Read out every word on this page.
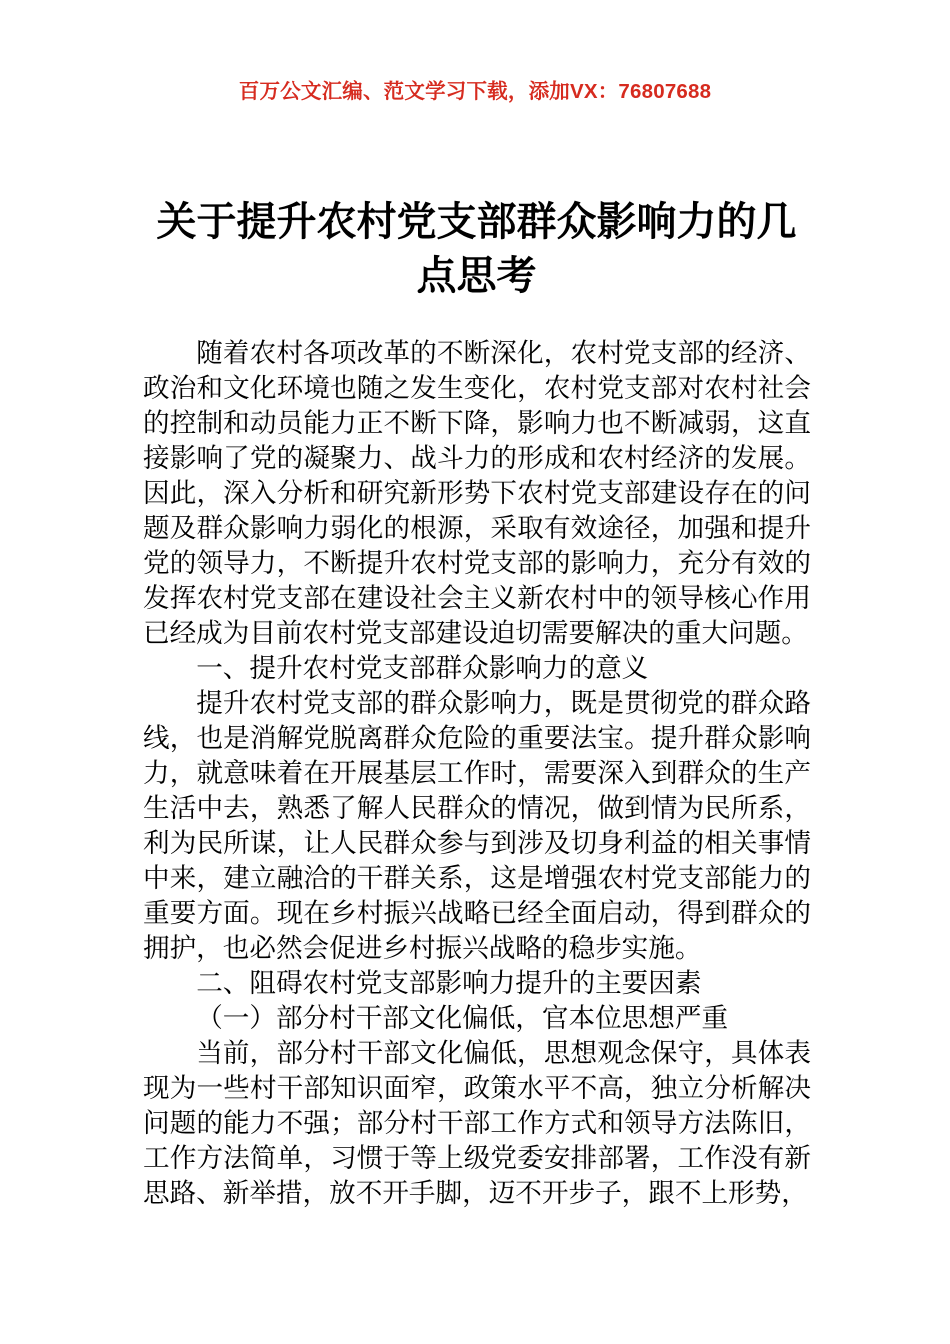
百万公文汇编、范文学习下载，添加VX：76807688
关于提升农村党支部群众影响力的几点思考

随着农村各项改革的不断深化，农村党支部的经济、政治和文化环境也随之发生变化，农村党支部对农村社会的控制和动员能力正不断下降，影响力也不断减弱，这直接影响了党的凝聚力、战斗力的形成和农村经济的发展。因此，深入分析和研究新形势下农村党支部建设存在的问题及群众影响力弱化的根源，采取有效途径，加强和提升党的领导力，不断提升农村党支部的影响力，充分有效的发挥农村党支部在建设社会主义新农村中的领导核心作用已经成为目前农村党支部建设迫切需要解决的重大问题。

一、提升农村党支部群众影响力的意义

提升农村党支部的群众影响力，既是贯彻党的群众路线，也是消解党脱离群众危险的重要法宝。提升群众影响力，就意味着在开展基层工作时，需要深入到群众的生产生活中去，熟悉了解人民群众的情况，做到情为民所系，利为民所谋，让人民群众参与到涉及切身利益的相关事情中来，建立融洽的干群关系，这是增强农村党支部能力的重要方面。现在乡村振兴战略已经全面启动，得到群众的拥护，也必然会促进乡村振兴战略的稳步实施。

二、阻碍农村党支部影响力提升的主要因素

（一）部分村干部文化偏低，官本位思想严重

当前，部分村干部文化偏低，思想观念保守，具体表现为一些村干部知识面窄，政策水平不高，独立分析解决问题的能力不强；部分村干部工作方式和领导方法陈旧，工作方法简单，习惯于等上级党委安排部署，工作没有新思路、新举措，放不开手脚，迈不开步子，跟不上形势，
